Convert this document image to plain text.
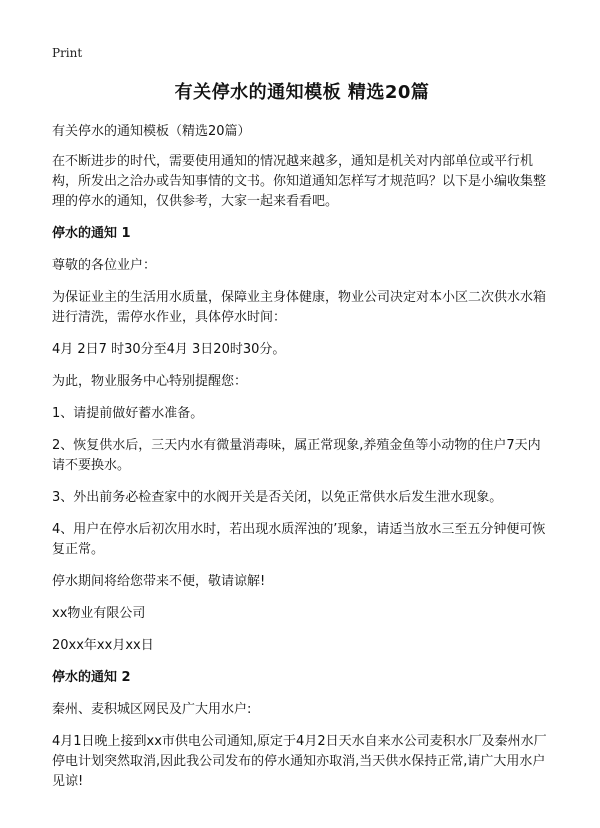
Print
有关停水的通知模板 精选20篇

有关停水的通知模板（精选20篇）

在不断进步的时代，需要使用通知的情况越来越多，通知是机关对内部单位或平行机构，所发出之洽办或告知事情的文书。你知道通知怎样写才规范吗？以下是小编收集整理的停水的通知，仅供参考，大家一起来看看吧。

停水的通知 1

尊敬的各位业户：

为保证业主的生活用水质量，保障业主身体健康，物业公司决定对本小区二次供水水箱进行清洗，需停水作业，具体停水时间：

4月 2日7 时30分至4月 3日20时30分。

为此，物业服务中心特别提醒您：

1、请提前做好蓄水准备。

2、恢复供水后，三天内水有微量消毒味，属正常现象,养殖金鱼等小动物的住户7天内请不要换水。

3、外出前务必检查家中的水阀开关是否关闭，以免正常供水后发生泄水现象。

4、用户在停水后初次用水时，若出现水质浑浊的’现象，请适当放水三至五分钟便可恢复正常。

停水期间将给您带来不便，敬请谅解!

xx物业有限公司

20xx年xx月xx日

停水的通知 2

秦州、麦积城区网民及广大用水户:

4月1日晚上接到xx市供电公司通知,原定于4月2日天水自来水公司麦积水厂及秦州水厂停电计划突然取消,因此我公司发布的停水通知亦取消,当天供水保持正常,请广大用水户见谅!
